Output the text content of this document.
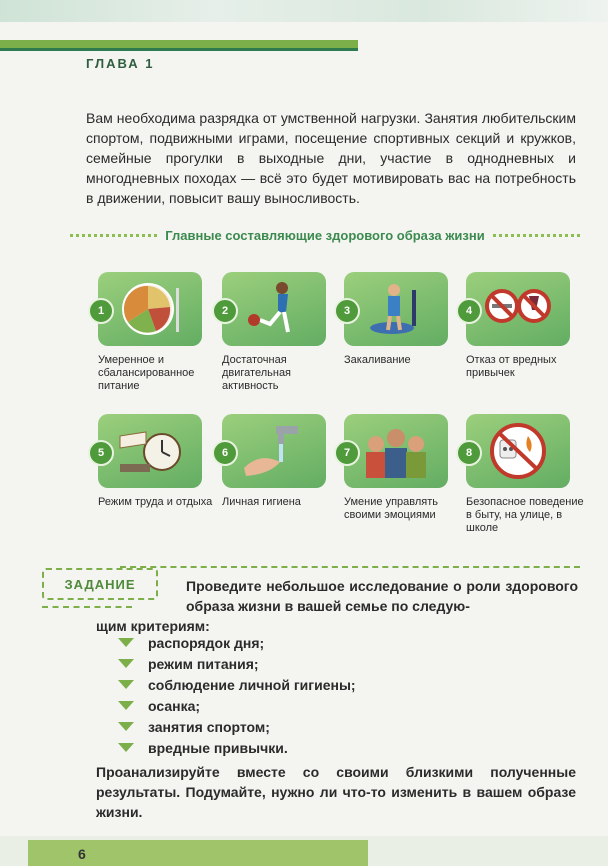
ГЛАВА 1

Вам необходима разрядка от умственной нагрузки. Занятия любительским спортом, подвижными играми, посещение спортивных секций и кружков, семейные прогулки в выходные дни, участие в однодневных и многодневных походах — всё это будет мотивировать вас на потребность в движении, повысит вашу выносливость.

Главные составляющие здорового образа жизни
1
Умеренное и сбалансированное питание
2
Достаточная двигательная активность
3
Закаливание
4
Отказ от вредных привычек
5
Режим труда и отдыха
6
Личная гигиена
7
Умение управлять своими эмоциями
8
Безопасное поведение в быту, на улице, в школе
ЗАДАНИЕ	Проведите небольшое исследование о роли здорового образа жизни в вашей семье по следую-
щим критериям:
распорядок дня;
режим питания;
соблюдение личной гигиены;
осанка;
занятия спортом;
вредные привычки.
Проанализируйте вместе со своими близкими полученные результаты. Подумайте, нужно ли что-то изменить в вашем образе жизни.
6
